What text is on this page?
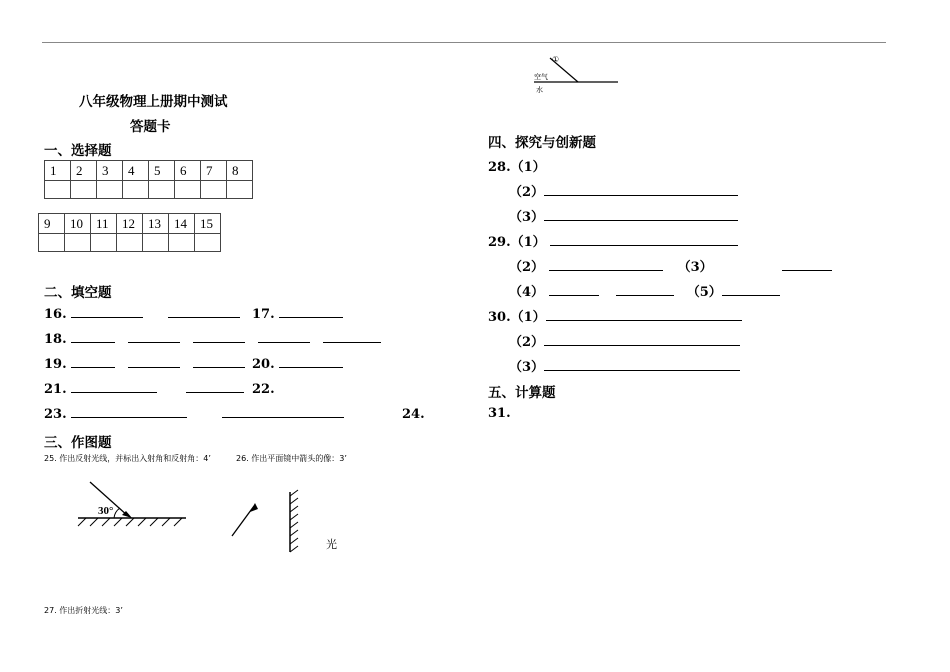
八年级物理上册期中测试
答题卡
一、选择题
1	2	3	4	5	6	7	8

9	10	11	12	13	14	15

二、填空题
16.	17.
18.
19.	20.
21.	22.
23.	24.
三、作图题
25. 作出反射光线，并标出入射角和反射角：4’	26. 作出平面镜中箭头的像：3’
30°
光
27. 作出折射光线：3’
①
空气
水
四、探究与创新题
28.（1）
（2）
（3）
29.（1）
（2）	（3）
（4）	（5）
30.（1）
（2）
（3）
五、计算题
31.
